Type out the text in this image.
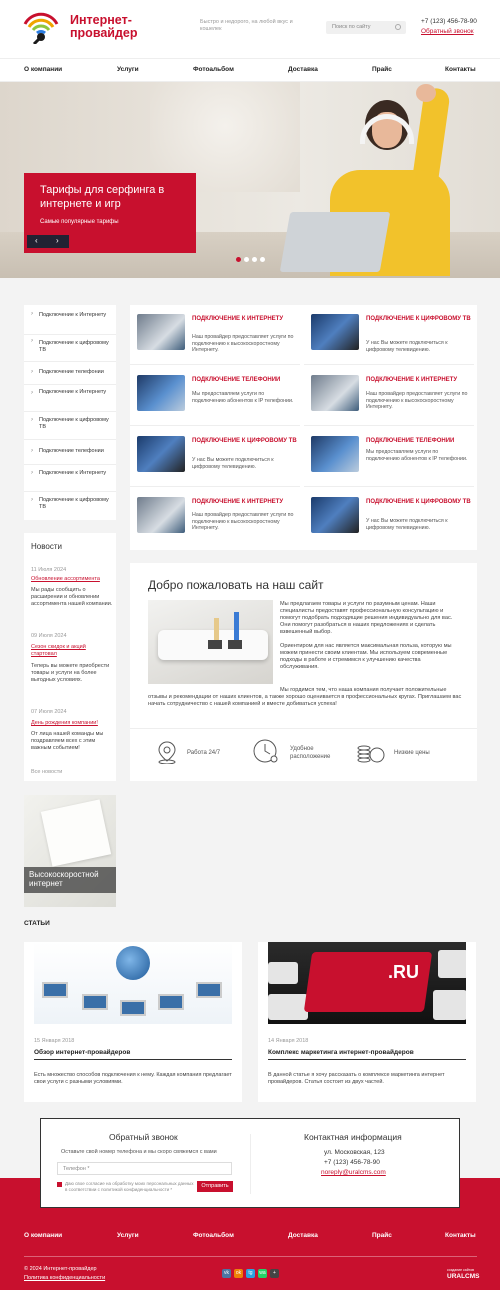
Интернет-
провайдер
Быстро и недорого, на любой вкус и кошелек	Поиск по сайту
+7 (123) 456-78-90
Обратный звонок
О компании	Услуги	Фотоальбом	Доставка	Прайс	Контакты
Тарифы для серфинга в интернете и игр
Самые популярные тарифы
‹ ›
› Подключение к Интернету
› Подключение к цифровому ТВ
› Подключение телефонии
› Подключение к Интернету
› Подключение к цифровому ТВ
› Подключение телефонии
› Подключение к Интернету
› Подключение к цифровому ТВ
ПОДКЛЮЧЕНИЕ К ИНТЕРНЕТУ
Наш провайдер предоставляет услуги по подключению к высокоскоростному Интернету.
ПОДКЛЮЧЕНИЕ К ЦИФРОВОМУ ТВ
У нас Вы можете подключиться к цифровому телевидению.
ПОДКЛЮЧЕНИЕ ТЕЛЕФОНИИ
Мы предоставляем услуги по подключению абонентов к IP телефонии.
ПОДКЛЮЧЕНИЕ К ИНТЕРНЕТУ
Наш провайдер предоставляет услуги по подключению к высокоскоростному Интернету.
ПОДКЛЮЧЕНИЕ К ЦИФРОВОМУ ТВ
У нас Вы можете подключиться к цифровому телевидению.
ПОДКЛЮЧЕНИЕ ТЕЛЕФОНИИ
Мы предоставляем услуги по подключению абонентов к IP телефонии.
ПОДКЛЮЧЕНИЕ К ИНТЕРНЕТУ
Наш провайдер предоставляет услуги по подключению к высокоскоростному Интернету.
ПОДКЛЮЧЕНИЕ К ЦИФРОВОМУ ТВ
У нас Вы можете подключиться к цифровому телевидению.
Новости
11 Июля 2024
Обновление ассортимента
Мы рады сообщить о расширении и обновлении ассортимента нашей компании.
09 Июля 2024
Сезон скидок и акций стартовал
Теперь вы можете приобрести товары и услуги на более выгодных условиях.
07 Июля 2024
День рождения компании!
От лица нашей команды мы поздравляем всех с этим важным событием!
Все новости
Добро пожаловать на наш сайт
Мы предлагаем товары и услуги по разумным ценам. Наши специалисты предоставят профессиональную консультацию и помогут подобрать подходящие решения индивидуально для вас. Они помогут разобраться в наших предложениях и сделать взвешенный выбор.
Ориентиром для нас является максимальная польза, которую мы можем принести своим клиентам. Мы используем современные подходы в работе и стремимся к улучшению качества обслуживания.
Мы гордимся тем, что наша компания получает положительные отзывы и рекомендации от наших клиентов, а также хорошо оценивается в профессиональных кругах. Приглашаем вас начать сотрудничество с нашей компанией и вместе добиваться успеха!
Работа 24/7
Удобное расположение
Низкие цены
Высокоскоростной интернет
СТАТЬИ
15 Января 2018
Обзор интернет-провайдеров
Есть множество способов подключения к нему. Каждая компания предлагает свои услуги с разными условиями.
.RU
14 Января 2018
Комплекс маркетинга интернет-провайдеров
В данной статье я хочу рассказать о комплексе маркетинга интернет провайдеров. Статья состоит из двух частей.
Обратный звонок
Оставьте свой номер телефона и мы скоро свяжемся с вами
Телефон *
Даю свое согласие на обработку моих персональных данных в соответствии с политикой конфиденциальности *
Отправить
Контактная информация
ул. Московская, 123
+7 (123) 456-78-90
noreply@uralcms.com
О компании	Услуги	Фотоальбом	Доставка	Прайс	Контакты
© 2024 Интернет-провайдер
Политика конфиденциальности
vk	ok	tg	wa	+	создание сайтов
URALCMS
